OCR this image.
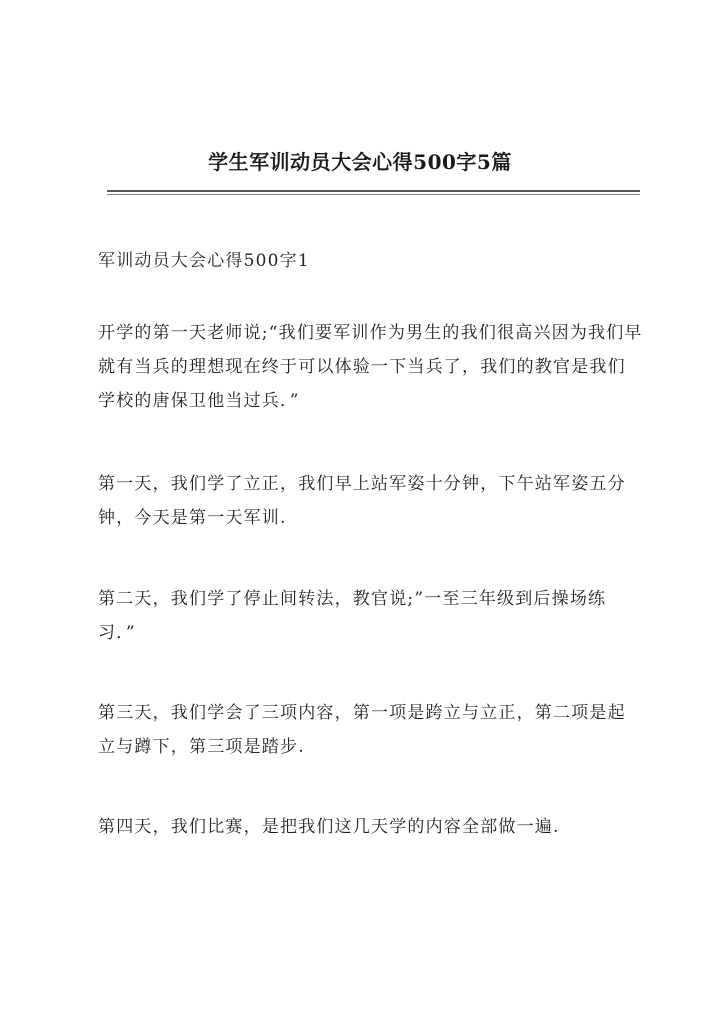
学生军训动员大会心得500字5篇
军训动员大会心得500字1
开学的第一天老师说;“我们要军训作为男生的我们很高兴因为我们早就有当兵的理想现在终于可以体验一下当兵了，我们的教官是我们学校的唐保卫他当过兵．”
第一天，我们学了立正，我们早上站军姿十分钟，下午站军姿五分钟，今天是第一天军训.
第二天，我们学了停止间转法，教官说;”一至三年级到后操场练习．”
第三天，我们学会了三项内容，第一项是跨立与立正，第二项是起立与蹲下，第三项是踏步.
第四天，我们比赛，是把我们这几天学的内容全部做一遍.
